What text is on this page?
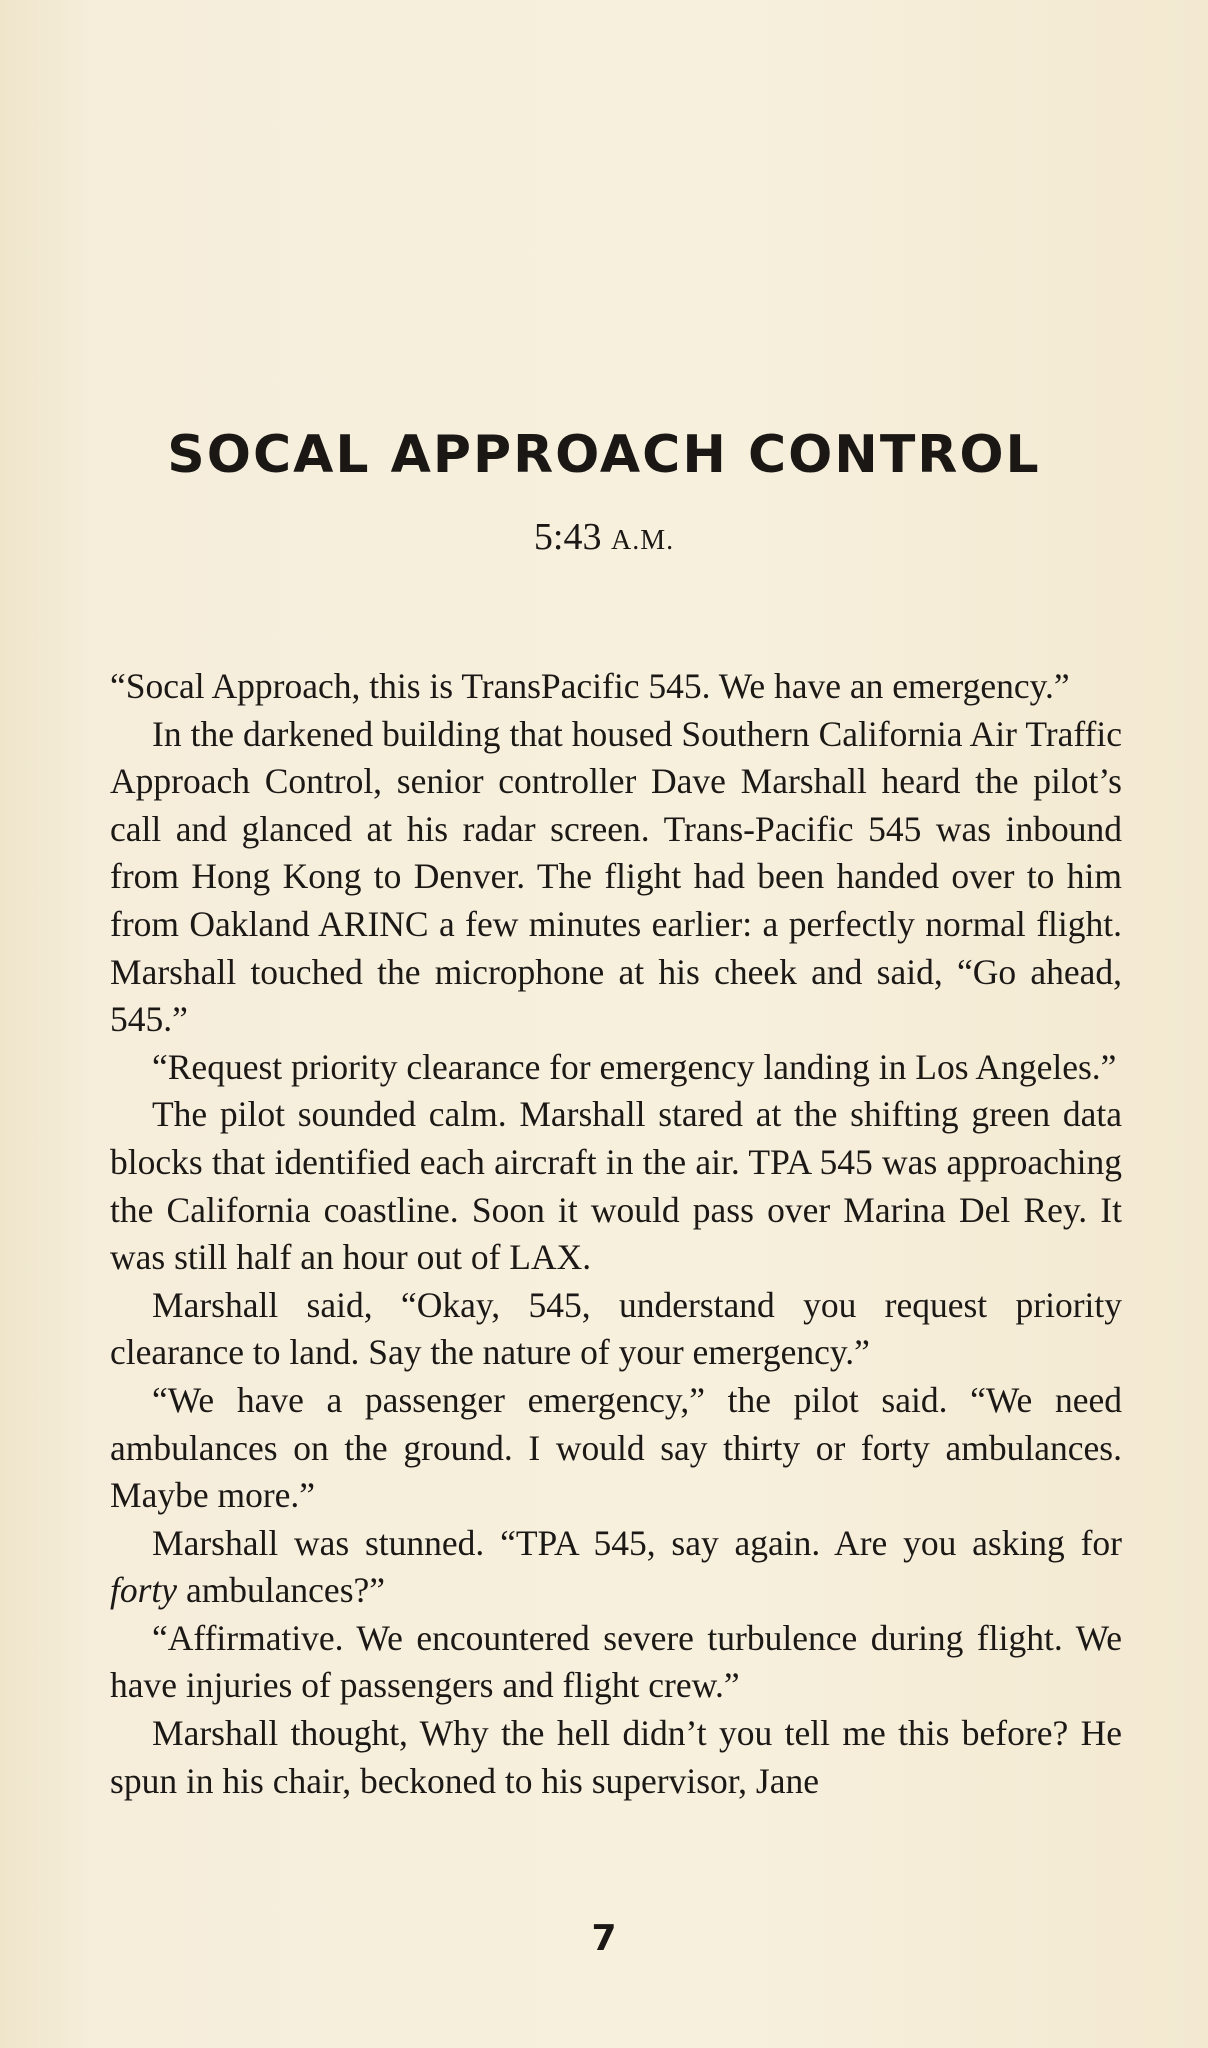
SOCAL APPROACH CONTROL
5:43 A.M.

“Socal Approach, this is TransPacific 545. We have an emergency.”

In the darkened building that housed Southern California Air Traffic Approach Control, senior controller Dave Marshall heard the pilot’s call and glanced at his radar screen. Trans-Pacific 545 was inbound from Hong Kong to Denver. The flight had been handed over to him from Oakland ARINC a few minutes earlier: a perfectly normal flight. Marshall touched the microphone at his cheek and said, “Go ahead, 545.”

“Request priority clearance for emergency landing in Los Angeles.”

The pilot sounded calm. Marshall stared at the shifting green data blocks that identified each aircraft in the air. TPA 545 was approaching the California coastline. Soon it would pass over Marina Del Rey. It was still half an hour out of LAX.

Marshall said, “Okay, 545, understand you request priority clearance to land. Say the nature of your emergency.”

“We have a passenger emergency,” the pilot said. “We need ambulances on the ground. I would say thirty or forty ambulances. Maybe more.”

Marshall was stunned. “TPA 545, say again. Are you asking for forty ambulances?”

“Affirmative. We encountered severe turbulence during flight. We have injuries of passengers and flight crew.”

Marshall thought, Why the hell didn’t you tell me this before? He spun in his chair, beckoned to his supervisor, Jane

7
